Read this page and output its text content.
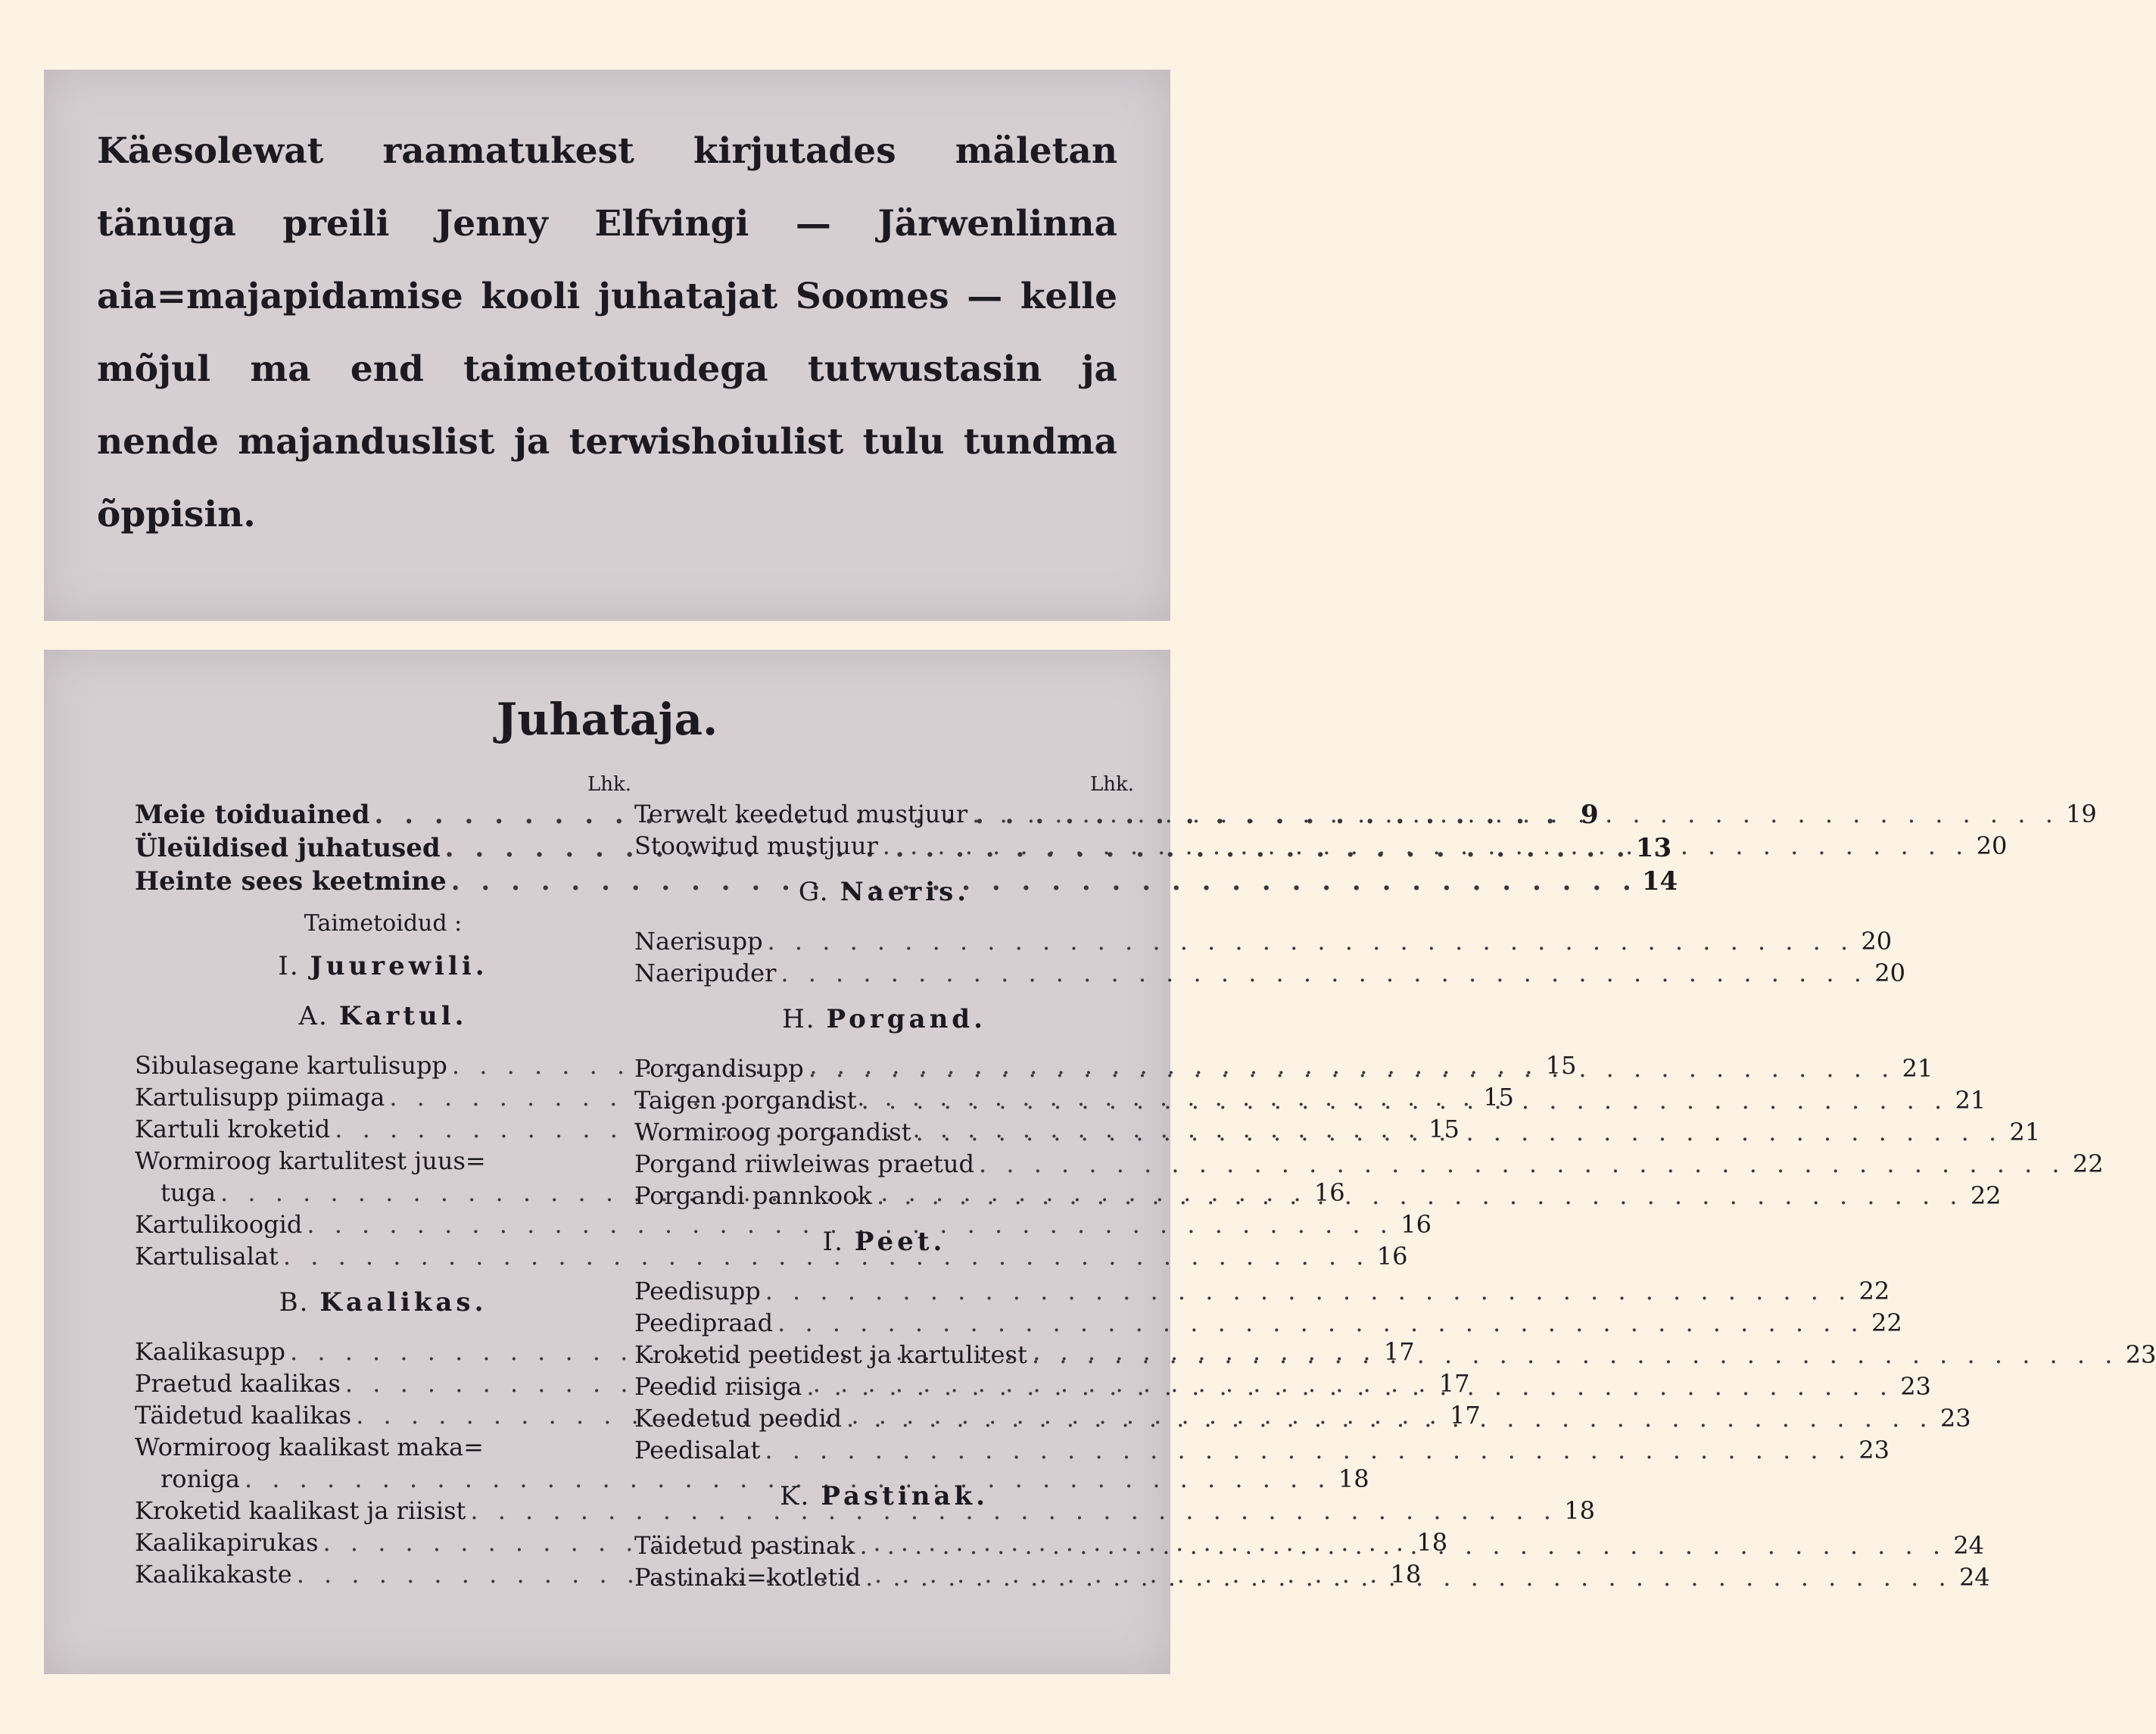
Käesolewat raamatukest kirjutades mäletan
tänuga preili Jenny Elfvingi — Järwenlinna
aia=majapidamise kooli juhatajat Soomes — kelle
mõjul ma end taimetoitudega tutwustasin ja
nende majanduslist ja terwishoiulist tulu tundma
õppisin.

Juhataja.
Lhk.
Meie toiduained . . .	9
Üleüldised juhatused . . .	13
Heinte sees keetmine . . .	14
Taimetoidud :
I. Juurewili.
A. Kartul.
Sibulasegane kartulisupp . . .	15
Kartulisupp piimaga . . .	15
Kartuli kroketid . . .	15
Wormiroog kartulitest juus=
tuga . . .	16
Kartulikoogid . . .	16
Kartulisalat . . .	16
B. Kaalikas.
Kaalikasupp . . .	17
Praetud kaalikas . . .	17
Täidetud kaalikas . . .	17
Wormiroog kaalikast maka=
roniga . . .	18
Kroketid kaalikast ja riisist . . .	18
Kaalikapirukas . . .	18
Kaalikakaste . . .	18
Lhk.
Terwelt keedetud mustjuur . . .	19
Stoowitud mustjuur . . .	20
G. Naeris.
Naerisupp . . .	20
Naeripuder . . .	20
H. Porgand.
Porgandisupp . . .	21
Taigen porgandist . . .	21
Wormiroog porgandist . . .	21
Porgand riiwleiwas praetud . . .	22
Porgandi pannkook . . .	22
I. Peet.
Peedisupp . . .	22
Peedipraad . . .	22
Kroketid peetidest ja kartulitest . . .	23
Peedid riisiga . . .	23
Keedetud peedid . . .	23
Peedisalat . . .	23
K. Pastinak.
Täidetud pastinak . . .	24
Pastinaki=kotletid . . .	24
